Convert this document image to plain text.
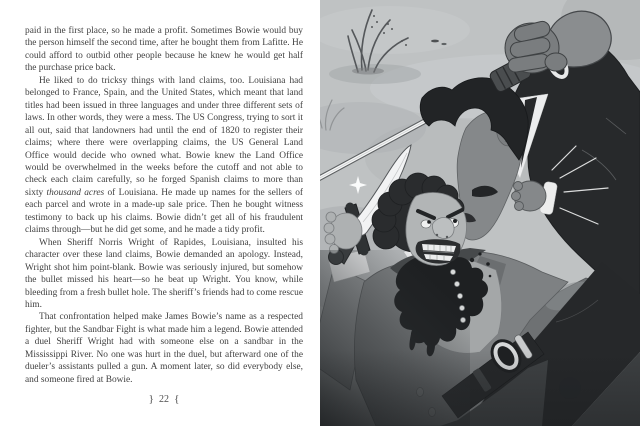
paid in the first place, so he made a profit. Sometimes Bowie would buy the person himself the second time, after he bought them from Lafitte. He could afford to outbid other people because he knew he would get half the purchase price back.

He liked to do tricksy things with land claims, too. Louisiana had belonged to France, Spain, and the United States, which meant that land titles had been issued in three languages and under three different sets of laws. In other words, they were a mess. The US Congress, trying to sort it all out, said that landowners had until the end of 1820 to register their claims; where there were overlapping claims, the US General Land Office would decide who owned what. Bowie knew the Land Office would be overwhelmed in the weeks before the cutoff and not able to check each claim carefully, so he forged Spanish claims to more than sixty thousand acres of Louisiana. He made up names for the sellers of each parcel and wrote in a made-up sale price. Then he bought witness testimony to back up his claims. Bowie didn’t get all of his fraudulent claims through—but he did get some, and he made a tidy profit.

When Sheriff Norris Wright of Rapides, Louisiana, insulted his character over these land claims, Bowie demanded an apology. Instead, Wright shot him point-blank. Bowie was seriously injured, but somehow the bullet missed his heart—so he beat up Wright. You know, while bleeding from a fresh bullet hole. The sheriff’s friends had to come rescue him.

That confrontation helped make James Bowie’s name as a respected fighter, but the Sandbar Fight is what made him a legend. Bowie attended a duel Sheriff Wright had with someone else on a sandbar in the Mississippi River. No one was hurt in the duel, but afterward one of the dueler’s assistants pulled a gun. A moment later, so did everybody else, and someone fired at Bowie.

} 22 {
